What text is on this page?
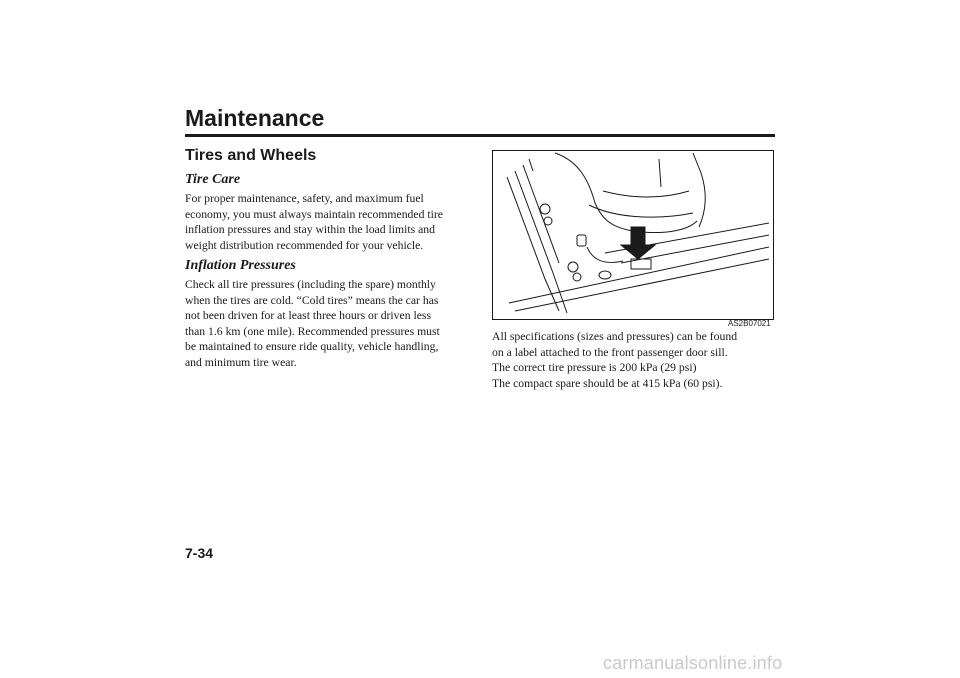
Maintenance
Tires and Wheels
Tire Care

For proper maintenance, safety, and maximum fuel
economy, you must always maintain recommended tire
inflation pressures and stay within the load limits and
weight distribution recommended for your vehicle.

Inflation Pressures

Check all tire pressures (including the spare) monthly
when the tires are cold. “Cold tires” means the car has
not been driven for at least three hours or driven less
than 1.6 km (one mile). Recommended pressures must
be maintained to ensure ride quality, vehicle handling,
and minimum tire wear.

AS2B07021
All specifications (sizes and pressures) can be found
on a label attached to the front passenger door sill.
The correct tire pressure is 200 kPa (29 psi)
The compact spare should be at 415 kPa (60 psi).
7-34
carmanualsonline.info
